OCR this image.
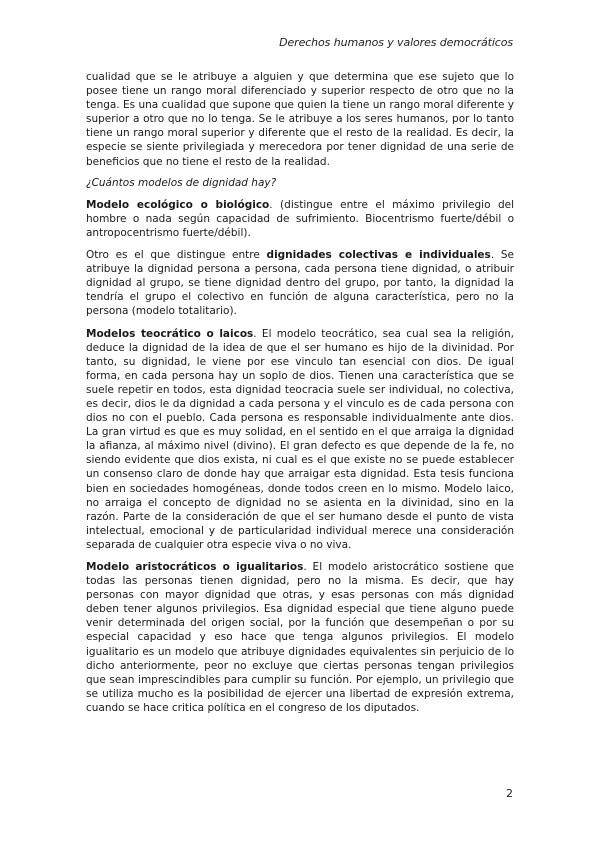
Derechos humanos y valores democráticos

cualidad que se le atribuye a alguien y que determina que ese sujeto que lo posee tiene un rango moral diferenciado y superior respecto de otro que no la tenga. Es una cualidad que supone que quien la tiene un rango moral diferente y superior a otro que no lo tenga. Se le atribuye a los seres humanos, por lo tanto tiene un rango moral superior y diferente que el resto de la realidad. Es decir, la especie se siente privilegiada y merecedora por tener dignidad de una serie de beneficios que no tiene el resto de la realidad.

¿Cuántos modelos de dignidad hay?

Modelo ecológico o biológico. (distingue entre el máximo privilegio del hombre o nada según capacidad de sufrimiento. Biocentrismo fuerte/débil o antropocentrismo fuerte/débil).

Otro es el que distingue entre dignidades colectivas e individuales. Se atribuye la dignidad persona a persona, cada persona tiene dignidad, o atribuir dignidad al grupo, se tiene dignidad dentro del grupo, por tanto, la dignidad la tendría el grupo el colectivo en función de alguna característica, pero no la persona (modelo totalitario).

Modelos teocrático o laicos. El modelo teocrático, sea cual sea la religión, deduce la dignidad de la idea de que el ser humano es hijo de la divinidad. Por tanto, su dignidad, le viene por ese vinculo tan esencial con dios. De igual forma, en cada persona hay un soplo de dios. Tienen una característica que se suele repetir en todos, esta dignidad teocracia suele ser individual, no colectiva, es decir, dios le da dignidad a cada persona y el vinculo es de cada persona con dios no con el pueblo. Cada persona es responsable individualmente ante dios. La gran virtud es que es muy solidad, en el sentido en el que arraiga la dignidad la afianza, al máximo nivel (divino). El gran defecto es que depende de la fe, no siendo evidente que dios exista, ni cual es el que existe no se puede establecer un consenso claro de donde hay que arraigar esta dignidad. Esta tesis funciona bien en sociedades homogéneas, donde todos creen en lo mismo. Modelo laico, no arraiga el concepto de dignidad no se asienta en la divinidad, sino en la razón. Parte de la consideración de que el ser humano desde el punto de vista intelectual, emocional y de particularidad individual merece una consideración separada de cualquier otra especie viva o no viva.

Modelo aristocráticos o igualitarios. El modelo aristocrático sostiene que todas las personas tienen dignidad, pero no la misma. Es decir, que hay personas con mayor dignidad que otras, y esas personas con más dignidad deben tener algunos privilegios. Esa dignidad especial que tiene alguno puede venir determinada del origen social, por la función que desempeñan o por su especial capacidad y eso hace que tenga algunos privilegios. El modelo igualitario es un modelo que atribuye dignidades equivalentes sin perjuicio de lo dicho anteriormente, peor no excluye que ciertas personas tengan privilegios que sean imprescindibles para cumplir su función. Por ejemplo, un privilegio que se utiliza mucho es la posibilidad de ejercer una libertad de expresión extrema, cuando se hace critica política en el congreso de los diputados.

2
